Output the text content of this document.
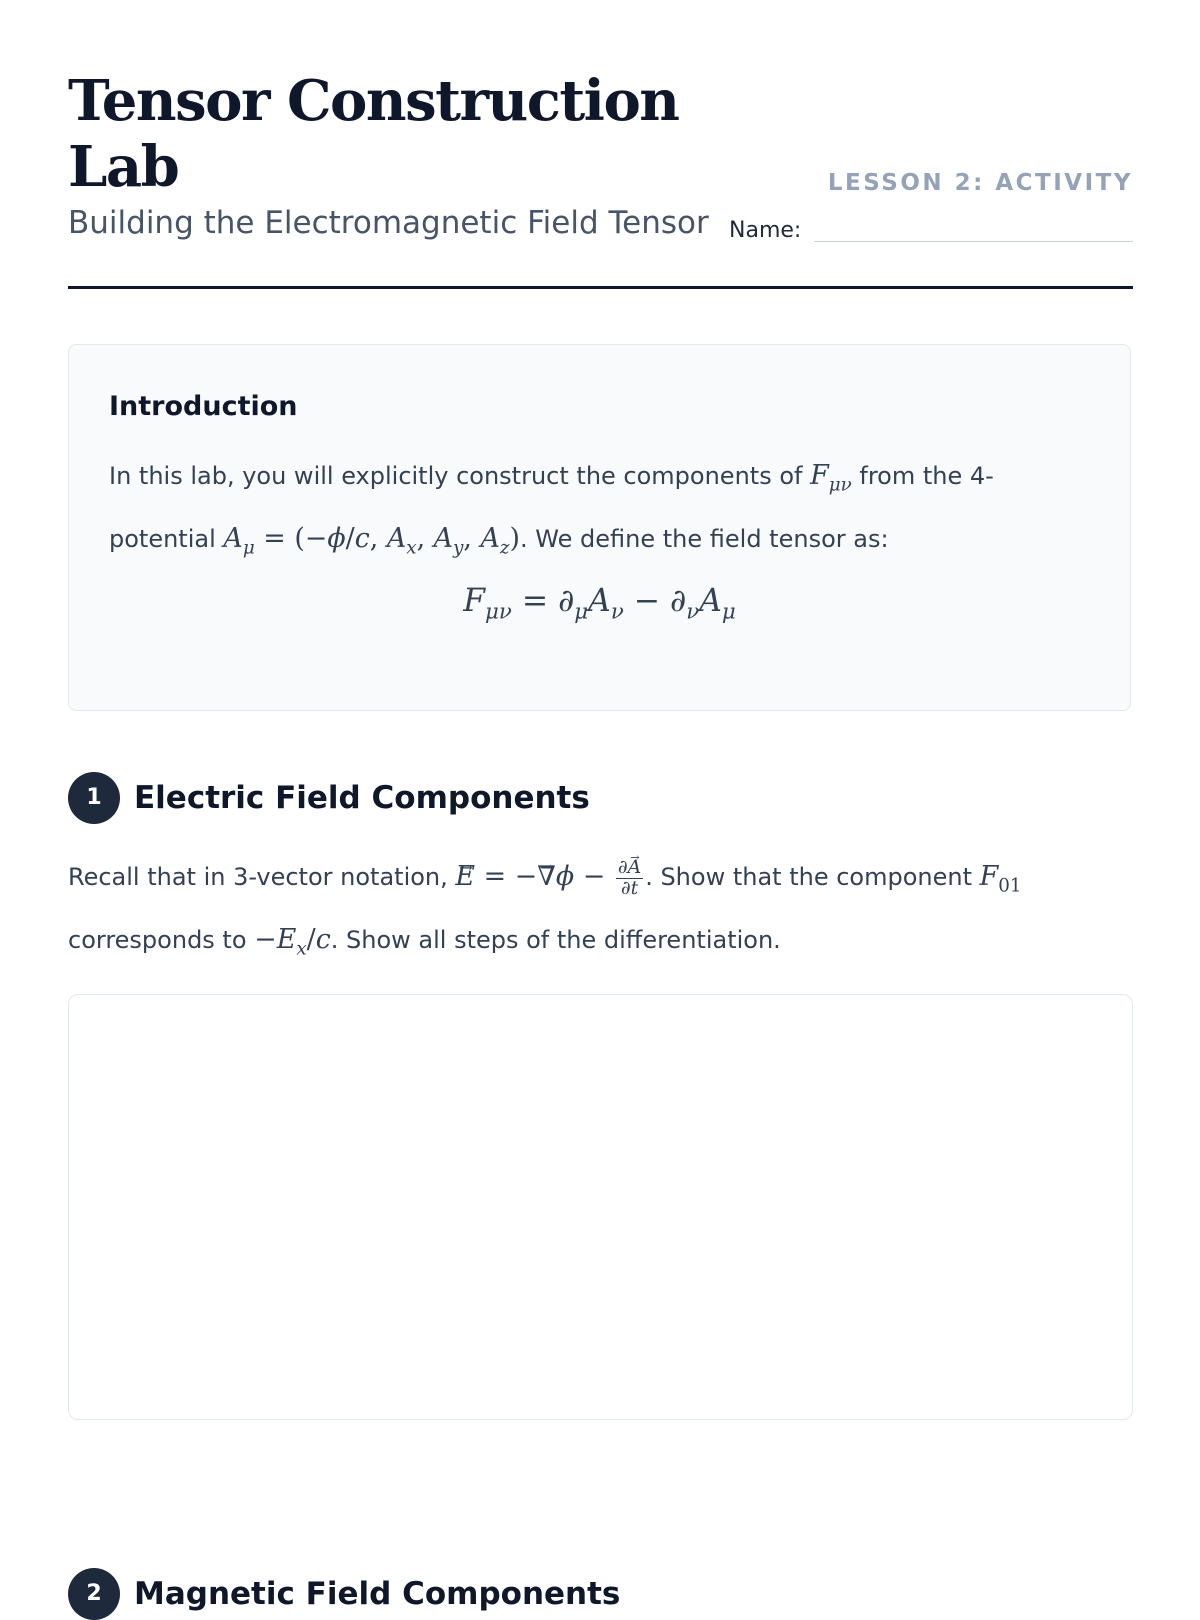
Tensor Construction
Lab	LESSON 2: ACTIVITY
Building the Electromagnetic Field Tensor Name:
Introduction
In this lab, you will explicitly construct the components of $F_{\mu\nu}$ from the 4-potential $A_\mu = (-\phi/c$, $A_x$, $A_y$, $A_z$). We define the field tensor as:
$F_{\mu\nu} = \partial_\mu A_\nu - \partial_\nu A_\mu$
1	Electric Field Components
Recall that in 3-vector notation, → E = −→ $\nabla\phi - \frac{\partial\to A}{\partial t}$ . Show that the component $F_{01}$ corresponds to $-E_x/c$. Show all steps of the differentiation.
2	Magnetic Field Components
